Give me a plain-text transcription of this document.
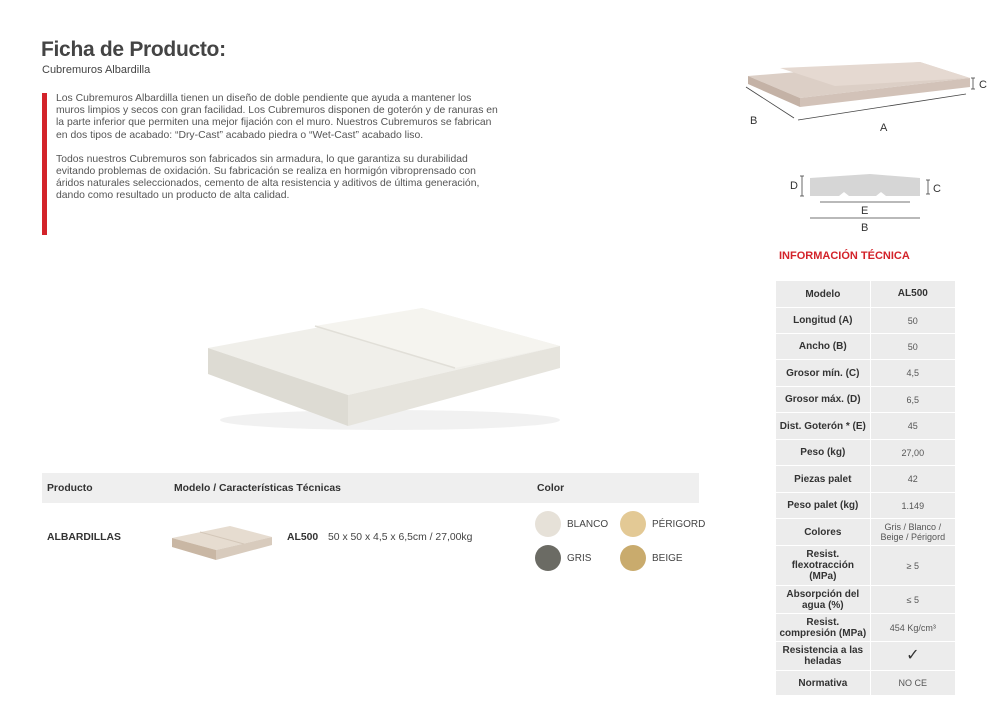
Ficha de Producto:
Cubremuros Albardilla

Los Cubremuros Albardilla tienen un diseño de doble pendiente que ayuda a mantener los muros limpios y secos con gran facilidad. Los Cubremuros disponen de goterón y de ranuras en la parte inferior que permiten una mejor fijación con el muro. Nuestros Cubremuros se fabrican en dos tipos de acabado: “Dry-Cast” acabado piedra o “Wet-Cast” acabado liso.

Todos nuestros Cubremuros son fabricados sin armadura, lo que garantiza su durabilidad evitando problemas de oxidación. Su fabricación se realiza en hormigón vibroprensado con áridos naturales seleccionados, cemento de alta resistencia y aditivos de última generación, dando como resultado un producto de alta calidad.

Producto	Modelo / Características Técnicas	Color
ALBARDILLAS	AL500 50 x 50 x 4,5 x 6,5cm / 27,00kg
BLANCO	PÉRIGORD
GRIS	BEIGE
B
A
C
D	C
E
B
INFORMACIÓN TÉCNICA
Modelo	AL500
Longitud (A)	50
Ancho (B)	50
Grosor mín. (C)	4,5
Grosor máx. (D)	6,5
Dist. Goterón * (E)	45
Peso (kg)	27,00
Piezas palet	42
Peso palet (kg)	1.149
Colores	Gris / Blanco / Beige / Périgord
Resist. flexotracción (MPa)	≥ 5
Absorpción del agua (%)	≤ 5
Resist. compresión (MPa)	454 Kg/cm³
Resistencia a las heladas	✓
Normativa	NO CE
